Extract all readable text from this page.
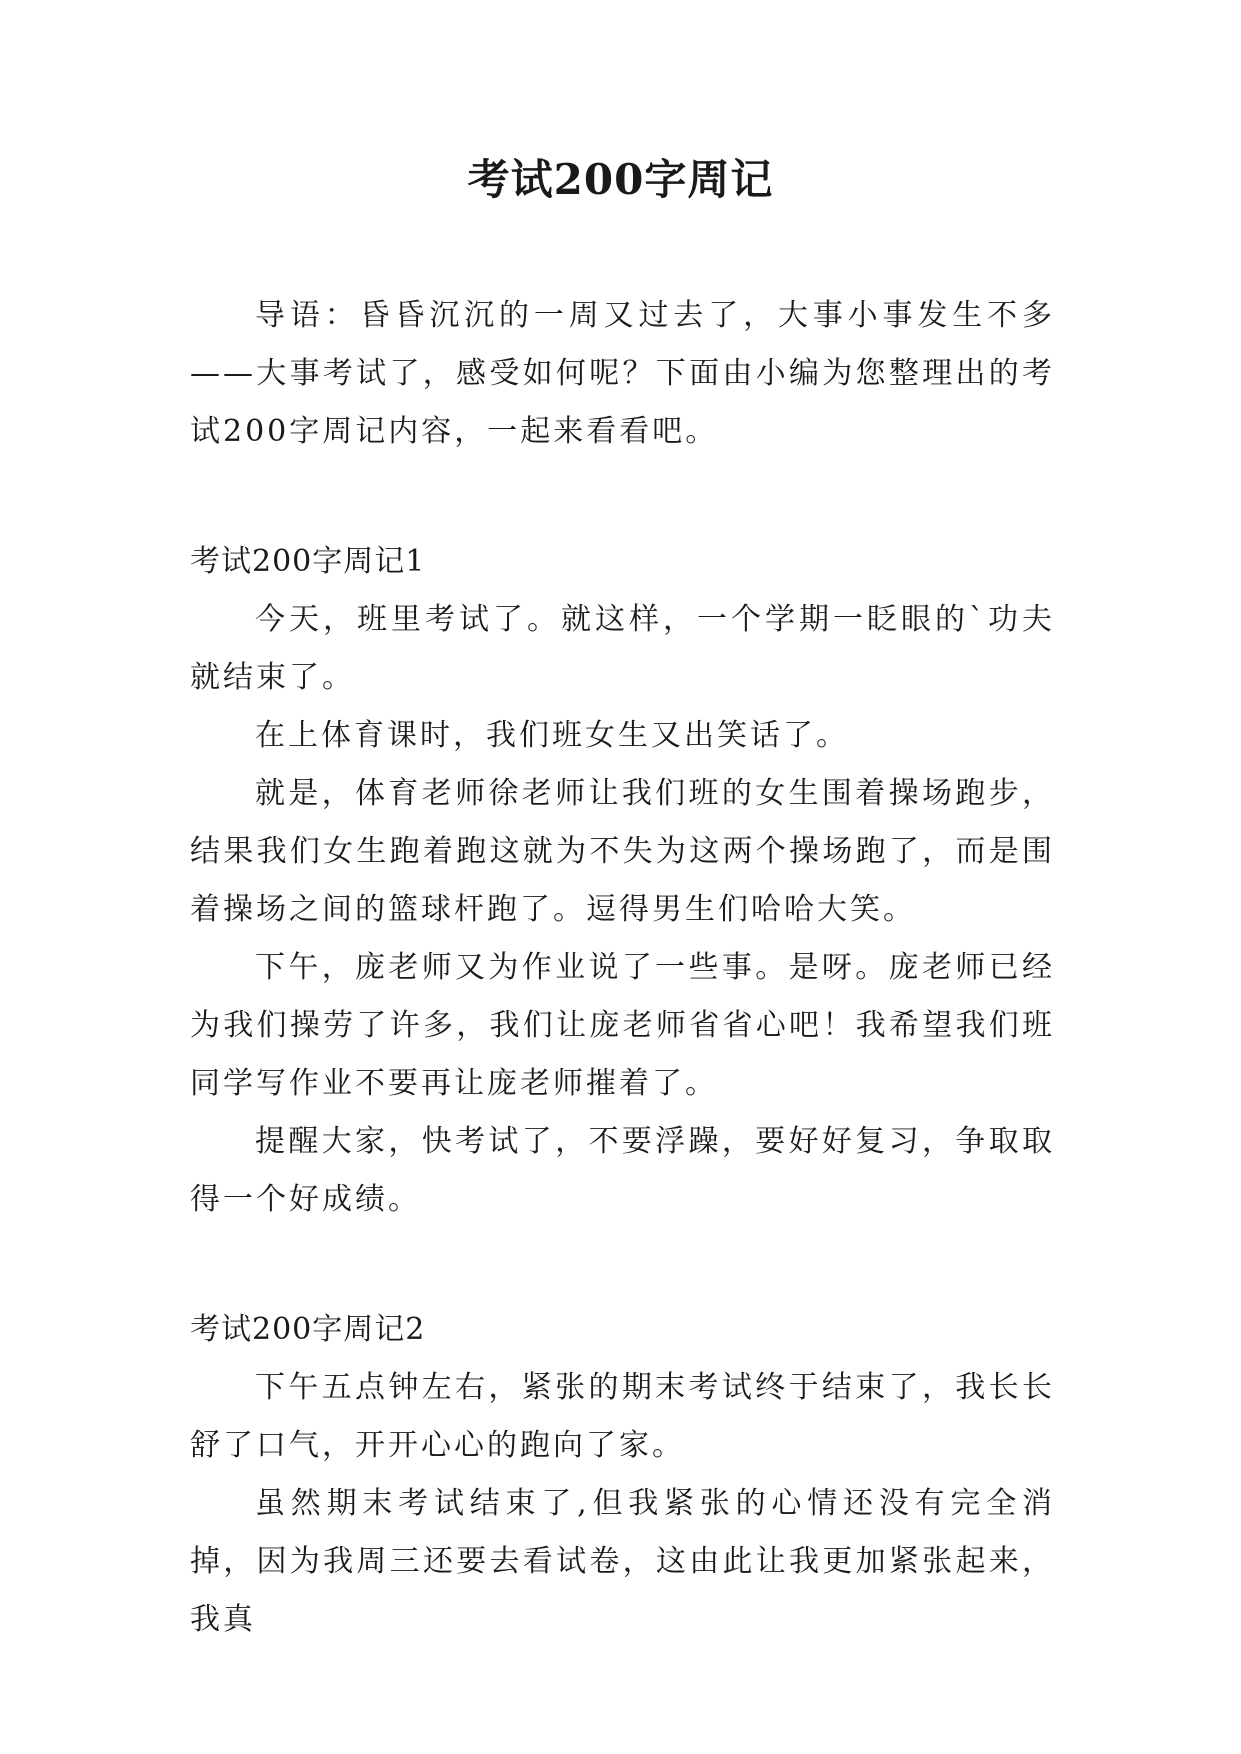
考试200字周记

导语：昏昏沉沉的一周又过去了，大事小事发生不多——大事考试了，感受如何呢？下面由小编为您整理出的考试200字周记内容，一起来看看吧。

考试200字周记1

今天，班里考试了。就这样，一个学期一眨眼的`功夫就结束了。

在上体育课时，我们班女生又出笑话了。

就是，体育老师徐老师让我们班的女生围着操场跑步，结果我们女生跑着跑这就为不失为这两个操场跑了，而是围着操场之间的篮球杆跑了。逗得男生们哈哈大笑。

下午，庞老师又为作业说了一些事。是呀。庞老师已经为我们操劳了许多，我们让庞老师省省心吧！我希望我们班同学写作业不要再让庞老师摧着了。

提醒大家，快考试了，不要浮躁，要好好复习，争取取得一个好成绩。

考试200字周记2

下午五点钟左右，紧张的期末考试终于结束了，我长长舒了口气，开开心心的跑向了家。

虽然期末考试结束了,但我紧张的心情还没有完全消掉，因为我周三还要去看试卷，这由此让我更加紧张起来，我真
